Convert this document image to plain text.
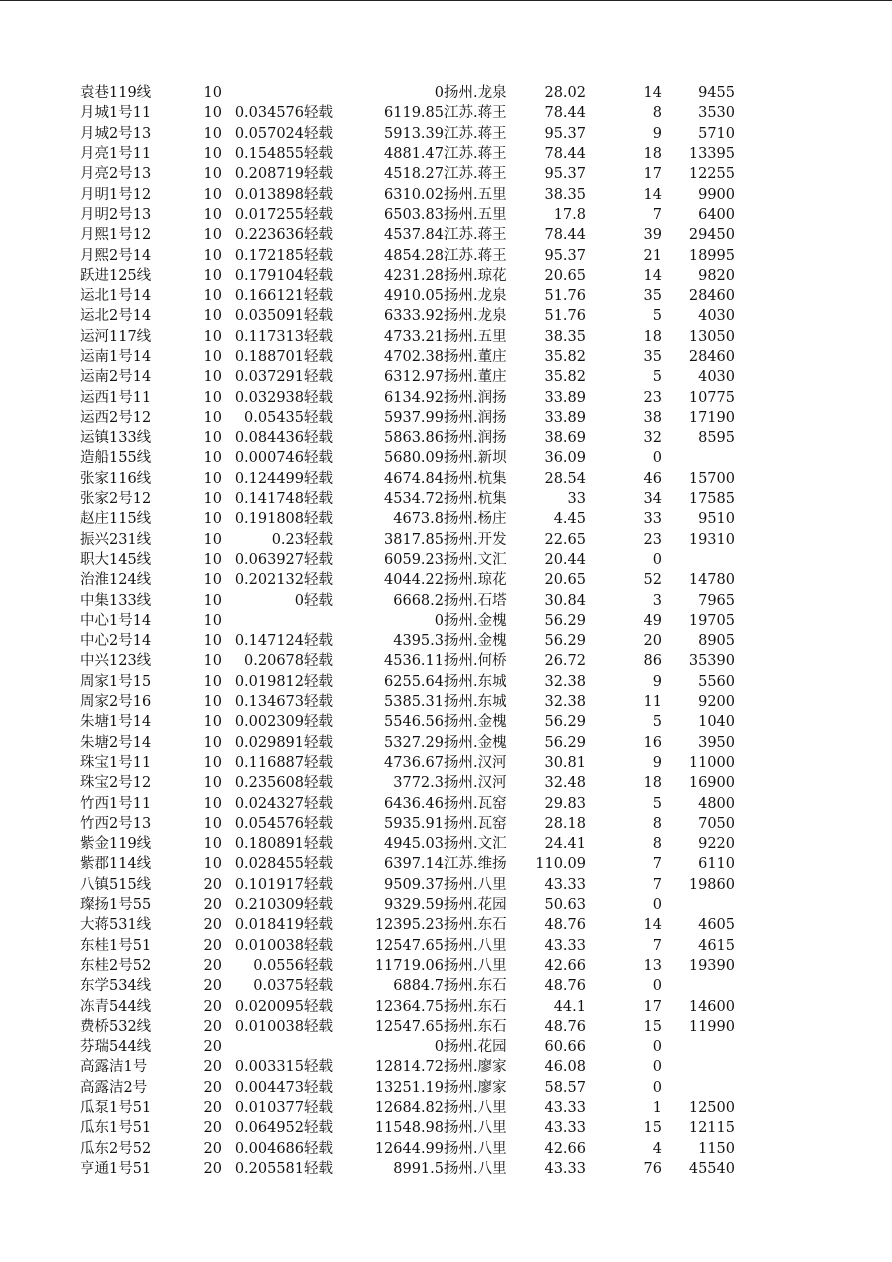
袁巷119线	10			0	扬州.龙泉	28.02	14	9455
月城1号11	10	0.034576	轻载	6119.85	江苏.蒋王	78.44	8	3530
月城2号13	10	0.057024	轻载	5913.39	江苏.蒋王	95.37	9	5710
月亮1号11	10	0.154855	轻载	4881.47	江苏.蒋王	78.44	18	13395
月亮2号13	10	0.208719	轻载	4518.27	江苏.蒋王	95.37	17	12255
月明1号12	10	0.013898	轻载	6310.02	扬州.五里	38.35	14	9900
月明2号13	10	0.017255	轻载	6503.83	扬州.五里	17.8	7	6400
月熙1号12	10	0.223636	轻载	4537.84	江苏.蒋王	78.44	39	29450
月熙2号14	10	0.172185	轻载	4854.28	江苏.蒋王	95.37	21	18995
跃进125线	10	0.179104	轻载	4231.28	扬州.琼花	20.65	14	9820
运北1号14	10	0.166121	轻载	4910.05	扬州.龙泉	51.76	35	28460
运北2号14	10	0.035091	轻载	6333.92	扬州.龙泉	51.76	5	4030
运河117线	10	0.117313	轻载	4733.21	扬州.五里	38.35	18	13050
运南1号14	10	0.188701	轻载	4702.38	扬州.董庄	35.82	35	28460
运南2号14	10	0.037291	轻载	6312.97	扬州.董庄	35.82	5	4030
运西1号11	10	0.032938	轻载	6134.92	扬州.润扬	33.89	23	10775
运西2号12	10	0.05435	轻载	5937.99	扬州.润扬	33.89	38	17190
运镇133线	10	0.084436	轻载	5863.86	扬州.润扬	38.69	32	8595
造船155线	10	0.000746	轻载	5680.09	扬州.新坝	36.09	0	
张家116线	10	0.124499	轻载	4674.84	扬州.杭集	28.54	46	15700
张家2号12	10	0.141748	轻载	4534.72	扬州.杭集	33	34	17585
赵庄115线	10	0.191808	轻载	4673.8	扬州.杨庄	4.45	33	9510
振兴231线	10	0.23	轻载	3817.85	扬州.开发	22.65	23	19310
职大145线	10	0.063927	轻载	6059.23	扬州.文汇	20.44	0	
治淮124线	10	0.202132	轻载	4044.22	扬州.琼花	20.65	52	14780
中集133线	10	0	轻载	6668.2	扬州.石塔	30.84	3	7965
中心1号14	10			0	扬州.金槐	56.29	49	19705
中心2号14	10	0.147124	轻载	4395.3	扬州.金槐	56.29	20	8905
中兴123线	10	0.20678	轻载	4536.11	扬州.何桥	26.72	86	35390
周家1号15	10	0.019812	轻载	6255.64	扬州.东城	32.38	9	5560
周家2号16	10	0.134673	轻载	5385.31	扬州.东城	32.38	11	9200
朱塘1号14	10	0.002309	轻载	5546.56	扬州.金槐	56.29	5	1040
朱塘2号14	10	0.029891	轻载	5327.29	扬州.金槐	56.29	16	3950
珠宝1号11	10	0.116887	轻载	4736.67	扬州.汉河	30.81	9	11000
珠宝2号12	10	0.235608	轻载	3772.3	扬州.汉河	32.48	18	16900
竹西1号11	10	0.024327	轻载	6436.46	扬州.瓦窑	29.83	5	4800
竹西2号13	10	0.054576	轻载	5935.91	扬州.瓦窑	28.18	8	7050
紫金119线	10	0.180891	轻载	4945.03	扬州.文汇	24.41	8	9220
紫郡114线	10	0.028455	轻载	6397.14	江苏.维扬	110.09	7	6110
八镇515线	20	0.101917	轻载	9509.37	扬州.八里	43.33	7	19860
璨扬1号55	20	0.210309	轻载	9329.59	扬州.花园	50.63	0	
大蒋531线	20	0.018419	轻载	12395.23	扬州.东石	48.76	14	4605
东桂1号51	20	0.010038	轻载	12547.65	扬州.八里	43.33	7	4615
东桂2号52	20	0.0556	轻载	11719.06	扬州.八里	42.66	13	19390
东学534线	20	0.0375	轻载	6884.7	扬州.东石	48.76	0	
冻青544线	20	0.020095	轻载	12364.75	扬州.东石	44.1	17	14600
费桥532线	20	0.010038	轻载	12547.65	扬州.东石	48.76	15	11990
芬瑞544线	20			0	扬州.花园	60.66	0	
高露洁1号	20	0.003315	轻载	12814.72	扬州.廖家	46.08	0	
高露洁2号	20	0.004473	轻载	13251.19	扬州.廖家	58.57	0	
瓜泵1号51	20	0.010377	轻载	12684.82	扬州.八里	43.33	1	12500
瓜东1号51	20	0.064952	轻载	11548.98	扬州.八里	43.33	15	12115
瓜东2号52	20	0.004686	轻载	12644.99	扬州.八里	42.66	4	1150
亨通1号51	20	0.205581	轻载	8991.5	扬州.八里	43.33	76	45540
